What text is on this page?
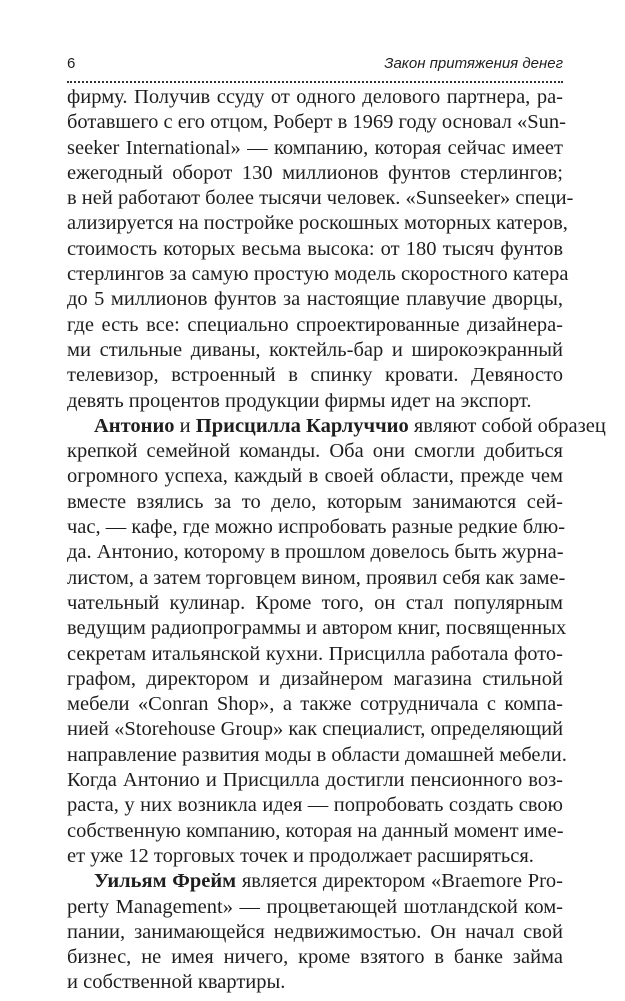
6	Закон притяжения денег
фирму. Получив ссуду от одного делового партнера, ра-
ботавшего с его отцом, Роберт в 1969 году основал «Sun-
seeker International» — компанию, которая сейчас имеет
ежегодный оборот 130 миллионов фунтов стерлингов;
в ней работают более тысячи человек. «Sunseeker» специ-
ализируется на постройке роскошных моторных катеров,
стоимость которых весьма высока: от 180 тысяч фунтов
стерлингов за самую простую модель скоростного катера
до 5 миллионов фунтов за настоящие плавучие дворцы,
где есть все: специально спроектированные дизайнера-
ми стильные диваны, коктейль-бар и широкоэкранный
телевизор, встроенный в спинку кровати. Девяносто
девять процентов продукции фирмы идет на экспорт.
Антонио и Присцилла Карлуччио являют собой образец
крепкой семейной команды. Оба они смогли добиться
огромного успеха, каждый в своей области, прежде чем
вместе взялись за то дело, которым занимаются сей-
час, — кафе, где можно испробовать разные редкие блю-
да. Антонио, которому в прошлом довелось быть журна-
листом, а затем торговцем вином, проявил себя как заме-
чательный кулинар. Кроме того, он стал популярным
ведущим радиопрограммы и автором книг, посвященных
секретам итальянской кухни. Присцилла работала фото-
графом, директором и дизайнером магазина стильной
мебели «Conran Shop», а также сотрудничала с компа-
нией «Storehouse Group» как специалист, определяющий
направление развития моды в области домашней мебели.
Когда Антонио и Присцилла достигли пенсионного воз-
раста, у них возникла идея — попробовать создать свою
собственную компанию, которая на данный момент име-
ет уже 12 торговых точек и продолжает расширяться.
Уильям Фрейм является директором «Braemore Pro-
perty Management» — процветающей шотландской ком-
пании, занимающейся недвижимостью. Он начал свой
бизнес, не имея ничего, кроме взятого в банке займа
и собственной квартиры.
